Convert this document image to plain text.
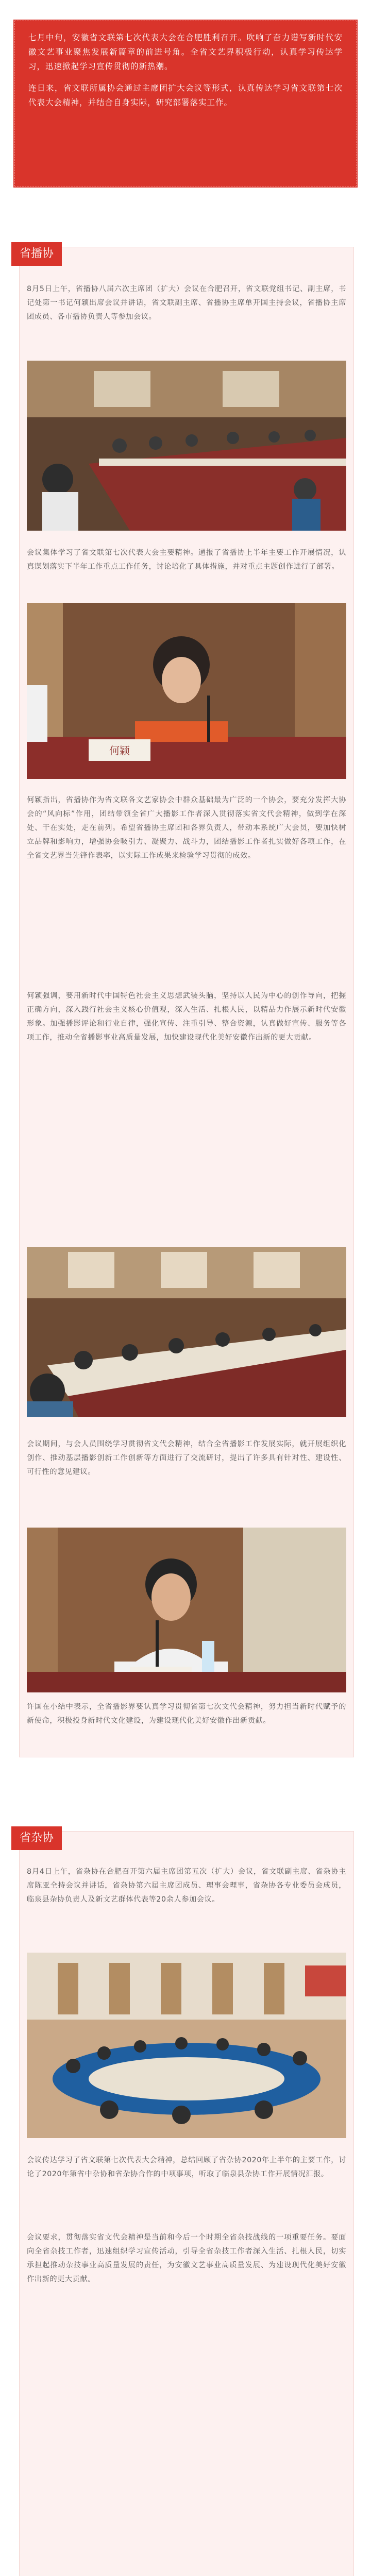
七月中旬，安徽省文联第七次代表大会在合肥胜利召开。吹响了奋力谱写新时代安徽文艺事业聚焦发展新篇章的前进号角。全省文艺界积极行动，认真学习传达学习，迅速掀起学习宣传贯彻的新热潮。

连日来，省文联所属协会通过主席团扩大会议等形式，认真传达学习省文联第七次代表大会精神，并结合自身实际，研究部署落实工作。

省播协

8月5日上午，省播协八届六次主席团（扩大）会议在合肥召开，省文联党组书记、副主席，书记处第一书记何颖出席会议并讲话，省文联副主席、省播协主席单开国主持会议，省播协主席团成员、各市播协负责人等参加会议。

会议集体学习了省文联第七次代表大会主要精神。通报了省播协上半年主要工作开展情况，认真谋划落实下半年工作重点工作任务，讨论培化了具体措施，并对重点主题创作进行了部署。

何颖

何颖指出，省播协作为省文联各文艺家协会中群众基础最为广泛的一个协会，要充分发挥大协会的“风向标”作用，团结带领全省广大播影工作者深入贯彻落实省文代会精神，做到学在深处、干在实处，走在前列。希望省播协主席团和各界负责人，带动本系统广大会员，要加快树立品牌和影响力，增强协会吸引力、凝聚力、战斗力，团结播影工作者扎实做好各项工作，在全省文艺界当先锋作表率，以实际工作成果来检验学习贯彻的成效。

何颖强调，要用新时代中国特色社会主义思想武装头脑，坚持以人民为中心的创作导向，把握正确方向，深入践行社会主义核心价值观，深入生活、扎根人民，以精品力作展示新时代安徽形象。加强播影评论和行业自律，强化宣传、注重引导、整合资源，认真做好宣传、服务等各项工作，推动全省播影事业高质量发展，加快建设现代化美好安徽作出新的更大贡献。

会议期间，与会人员围绕学习贯彻省文代会精神，结合全省播影工作发展实际，就开展组织化创作、推动基层播影创新工作创新等方面进行了交流研讨，提出了许多具有针对性、建设性、可行性的意见建议。

许国在小结中表示，全省播影界要认真学习贯彻省第七次文代会精神，努力担当新时代赋予的新使命，积极投身新时代文化建设，为建设现代化美好安徽作出新贡献。

省杂协

8月4日上午，省杂协在合肥召开第六届主席团第五次（扩大）会议，省文联副主席、省杂协主席陈亚全持会议并讲话，省杂协第六届主席团成员、理事会理事，省杂协各专业委员会成员，临泉县杂协负责人及新文艺群体代表等20余人参加会议。

会议传达学习了省文联第七次代表大会精神，总结回顾了省杂协2020年上半年的主要工作，讨论了2020年第省中杂协和省杂协合作的中项事项，听取了临泉县杂协工作开展情况汇报。

会议要求，贯彻落实省文代会精神是当前和今后一个时期全省杂技战线的一项重要任务。要面向全省杂技工作者，迅速组织学习宣传活动，引导全省杂技工作者深入生活、扎根人民，切实承担起推动杂技事业高质量发展的责任，为安徽文艺事业高质量发展、为建设现代化美好安徽作出新的更大贡献。
